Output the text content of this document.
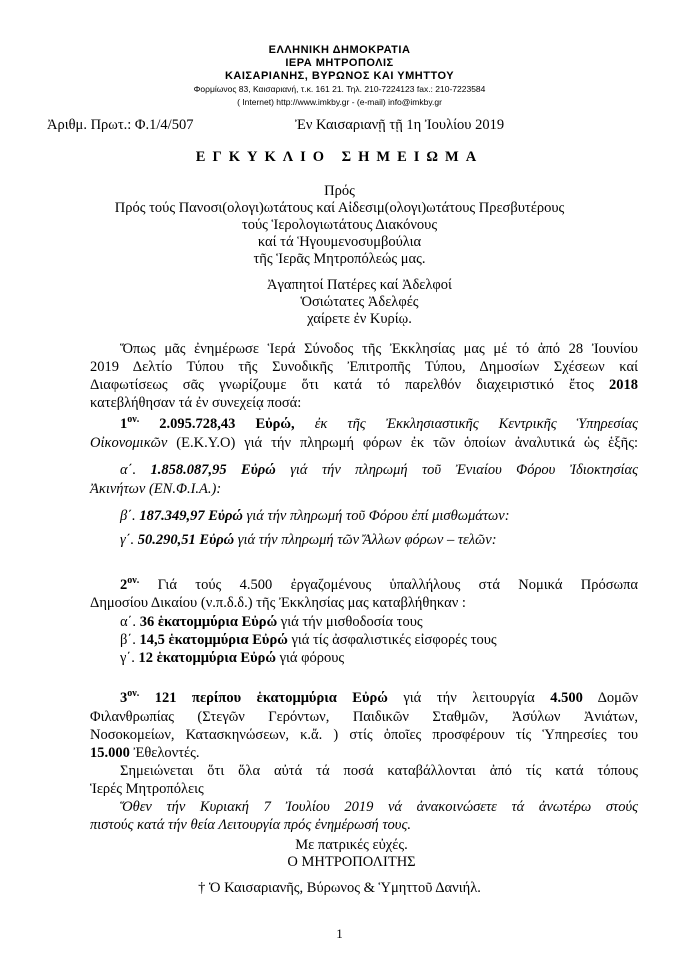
ΕΛΛΗΝΙΚΗ ΔΗΜΟΚΡΑΤΙΑ
ΙΕΡΑ ΜΗΤΡΟΠΟΛΙΣ
ΚΑΙΣΑΡΙΑΝΗΣ, ΒΥΡΩΝΟΣ ΚΑΙ ΥΜΗΤΤΟΥ
Φορμίωνος 83, Καισαριανή, τ.κ. 161 21. Τηλ. 210-7224123 fax.: 210-7223584
( Internet) http://www.imkby.gr - (e-mail) info@imkby.gr
Ἀριθμ. Πρωτ.: Φ.1/4/507	Ἐν Καισαριανῇ τῇ 1η Ἰουλίου 2019
ΕΓΚΥΚΛΙΟ ΣΗΜΕΙΩΜΑ
Πρός
Πρός τούς Πανοσι(ολογι)ωτάτους καί Αἰδεσιμ(ολογι)ωτάτους Πρεσβυτέρους
τούς Ἱερολογιωτάτους Διακόνους
καί τά Ἡγουμενοσυμβούλια
τῆς Ἱερᾶς Μητροπόλεώς μας.
Ἀγαπητοί Πατέρες καί Ἀδελφοί
Ὁσιώτατες Ἀδελφές
χαίρετε ἐν Κυρίῳ.
Ὅπως μᾶς ἐνημέρωσε Ἱερά Σύνοδος τῆς Ἐκκλησίας μας μέ τό ἀπό 28 Ἰουνίου
2019 Δελτίο Τύπου τῆς Συνοδικῆς Ἐπιτροπῆς Τύπου, Δημοσίων Σχέσεων καί
Διαφωτίσεως σᾶς γνωρίζουμε ὅτι κατά τό παρελθόν διαχειριστικό ἔτος 2018
κατεβλήθησαν τά ἐν συνεχείᾳ ποσά:
$1^{o\nu.}$ 2.095.728,43 Εὐρώ, ἐκ τῆς Ἐκκλησιαστικῆς Κεντρικῆς Ὑπηρεσίας
Οἰκονομικῶν (Ε.Κ.Υ.Ο) γιά τήν πληρωμή φόρων ἐκ τῶν ὁποίων ἀναλυτικά ὡς ἑξῆς:
α΄. 1.858.087,95 Εὐρώ γιά τήν πληρωμή τοῦ Ἐνιαίου Φόρου Ἰδιοκτησίας
Ἀκινήτων (ΕΝ.Φ.Ι.Α.):
β΄. 187.349,97 Εὐρώ γιά τήν πληρωμή τοῦ Φόρου ἐπί μισθωμάτων:
γ΄. 50.290,51 Εὐρώ γιά τήν πληρωμή τῶν Ἄλλων φόρων – τελῶν:
$2^{o\nu.}$ Γιά τούς 4.500 ἐργαζομένους ὑπαλλήλους στά Νομικά Πρόσωπα
Δημοσίου Δικαίου (ν.π.δ.δ.) τῆς Ἐκκλησίας μας καταβλήθηκαν :
α΄. 36 ἑκατομμύρια Εὐρώ γιά τήν μισθοδοσία τους
β΄. 14,5 ἑκατομμύρια Εὐρώ γιά τίς ἀσφαλιστικές εἰσφορές τους
γ΄. 12 ἑκατομμύρια Εὐρώ γιά φόρους
$3^{o\nu.}$ 121 περίπου ἑκατομμύρια Εὐρώ γιά τήν λειτουργία 4.500 Δομῶν
Φιλανθρωπίας (Στεγῶν Γερόντων, Παιδικῶν Σταθμῶν, Ἀσύλων Ἀνιάτων,
Νοσοκομείων, Κατασκηνώσεων, κ.ἄ. ) στίς ὁποῖες προσφέρουν τίς Ὑπηρεσίες του
15.000 Ἐθελοντές.
Σημειώνεται ὅτι ὅλα αὐτά τά ποσά καταβάλλονται ἀπό τίς κατά τόπους
Ἱερές Μητροπόλεις
Ὅθεν τήν Κυριακή 7 Ἰουλίου 2019 νά ἀνακοινώσετε τά ἀνωτέρω στούς
πιστούς κατά τήν θεία Λειτουργία πρός ἐνημέρωσή τους.
Με πατρικές εὐχές.
Ο ΜΗΤΡΟΠΟΛΙΤΗΣ
† Ὁ Καισαριανῆς, Βύρωνος & Ὑμηττοῦ Δανιήλ.
1
